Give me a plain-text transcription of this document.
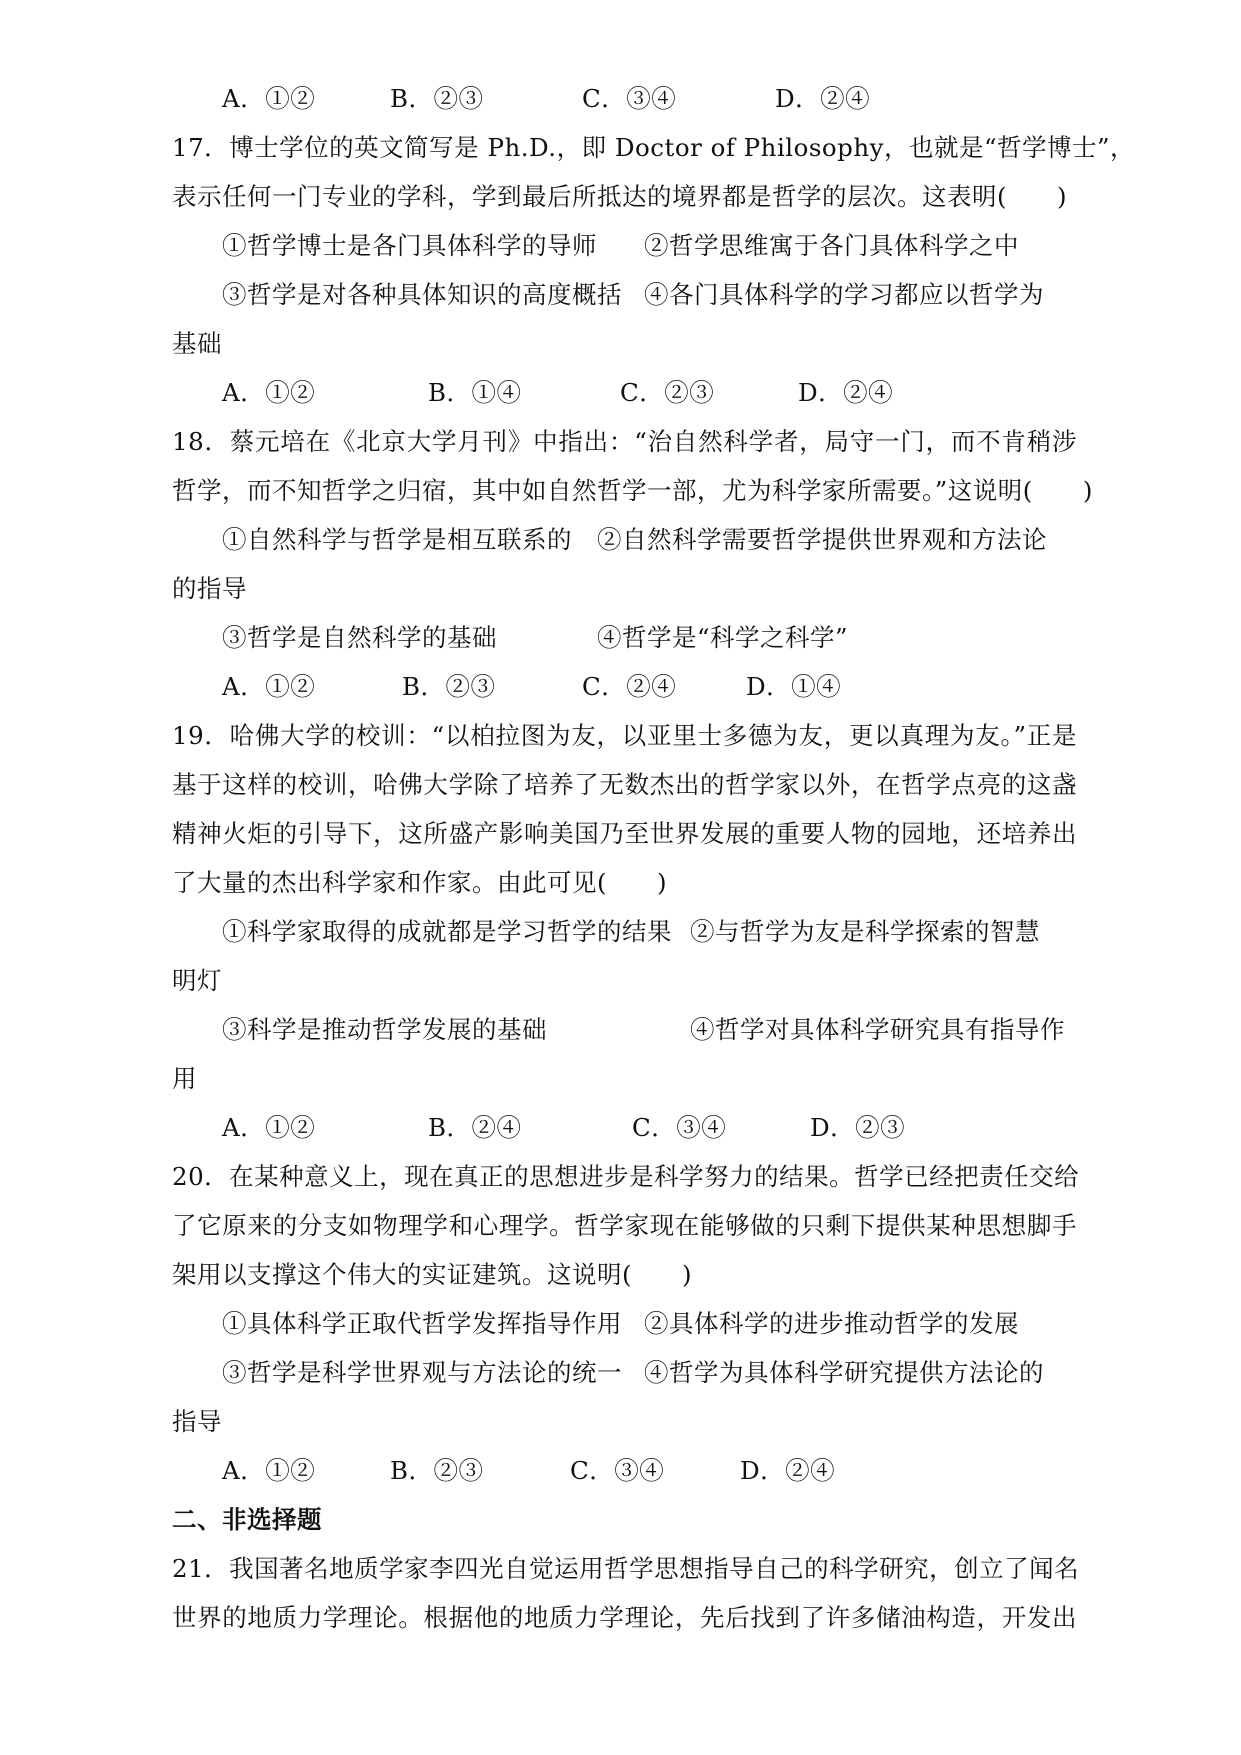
A．①②	B．②③	C．③④	D．②④
17．博士学位的英文简写是 Ph.D.，即 Doctor of Philosophy，也就是“哲学博士”，
表示任何一门专业的学科，学到最后所抵达的境界都是哲学的层次。这表明(　　)
①哲学博士是各门具体科学的导师 ②哲学思维寓于各门具体科学之中
③哲学是对各种具体知识的高度概括 ④各门具体科学的学习都应以哲学为
基础
A．①②	B．①④	C．②③	D．②④
18．蔡元培在《北京大学月刊》中指出：“治自然科学者，局守一门，而不肯稍涉
哲学，而不知哲学之归宿，其中如自然哲学一部，尤为科学家所需要。”这说明(　　)
①自然科学与哲学是相互联系的 ②自然科学需要哲学提供世界观和方法论
的指导
③哲学是自然科学的基础	④哲学是“科学之科学”
A．①②	B．②③	C．②④	D．①④
19．哈佛大学的校训：“以柏拉图为友，以亚里士多德为友，更以真理为友。”正是
基于这样的校训，哈佛大学除了培养了无数杰出的哲学家以外，在哲学点亮的这盏
精神火炬的引导下，这所盛产影响美国乃至世界发展的重要人物的园地，还培养出
了大量的杰出科学家和作家。由此可见(　　)
①科学家取得的成就都是学习哲学的结果 ②与哲学为友是科学探索的智慧
明灯
③科学是推动哲学发展的基础	④哲学对具体科学研究具有指导作
用
A．①②	B．②④	C．③④	D．②③
20．在某种意义上，现在真正的思想进步是科学努力的结果。哲学已经把责任交给
了它原来的分支如物理学和心理学。哲学家现在能够做的只剩下提供某种思想脚手
架用以支撑这个伟大的实证建筑。这说明(　　)
①具体科学正取代哲学发挥指导作用 ②具体科学的进步推动哲学的发展
③哲学是科学世界观与方法论的统一 ④哲学为具体科学研究提供方法论的
指导
A．①②	B．②③	C．③④	D．②④
二、非选择题
21．我国著名地质学家李四光自觉运用哲学思想指导自己的科学研究，创立了闻名
世界的地质力学理论。根据他的地质力学理论，先后找到了许多储油构造，开发出
